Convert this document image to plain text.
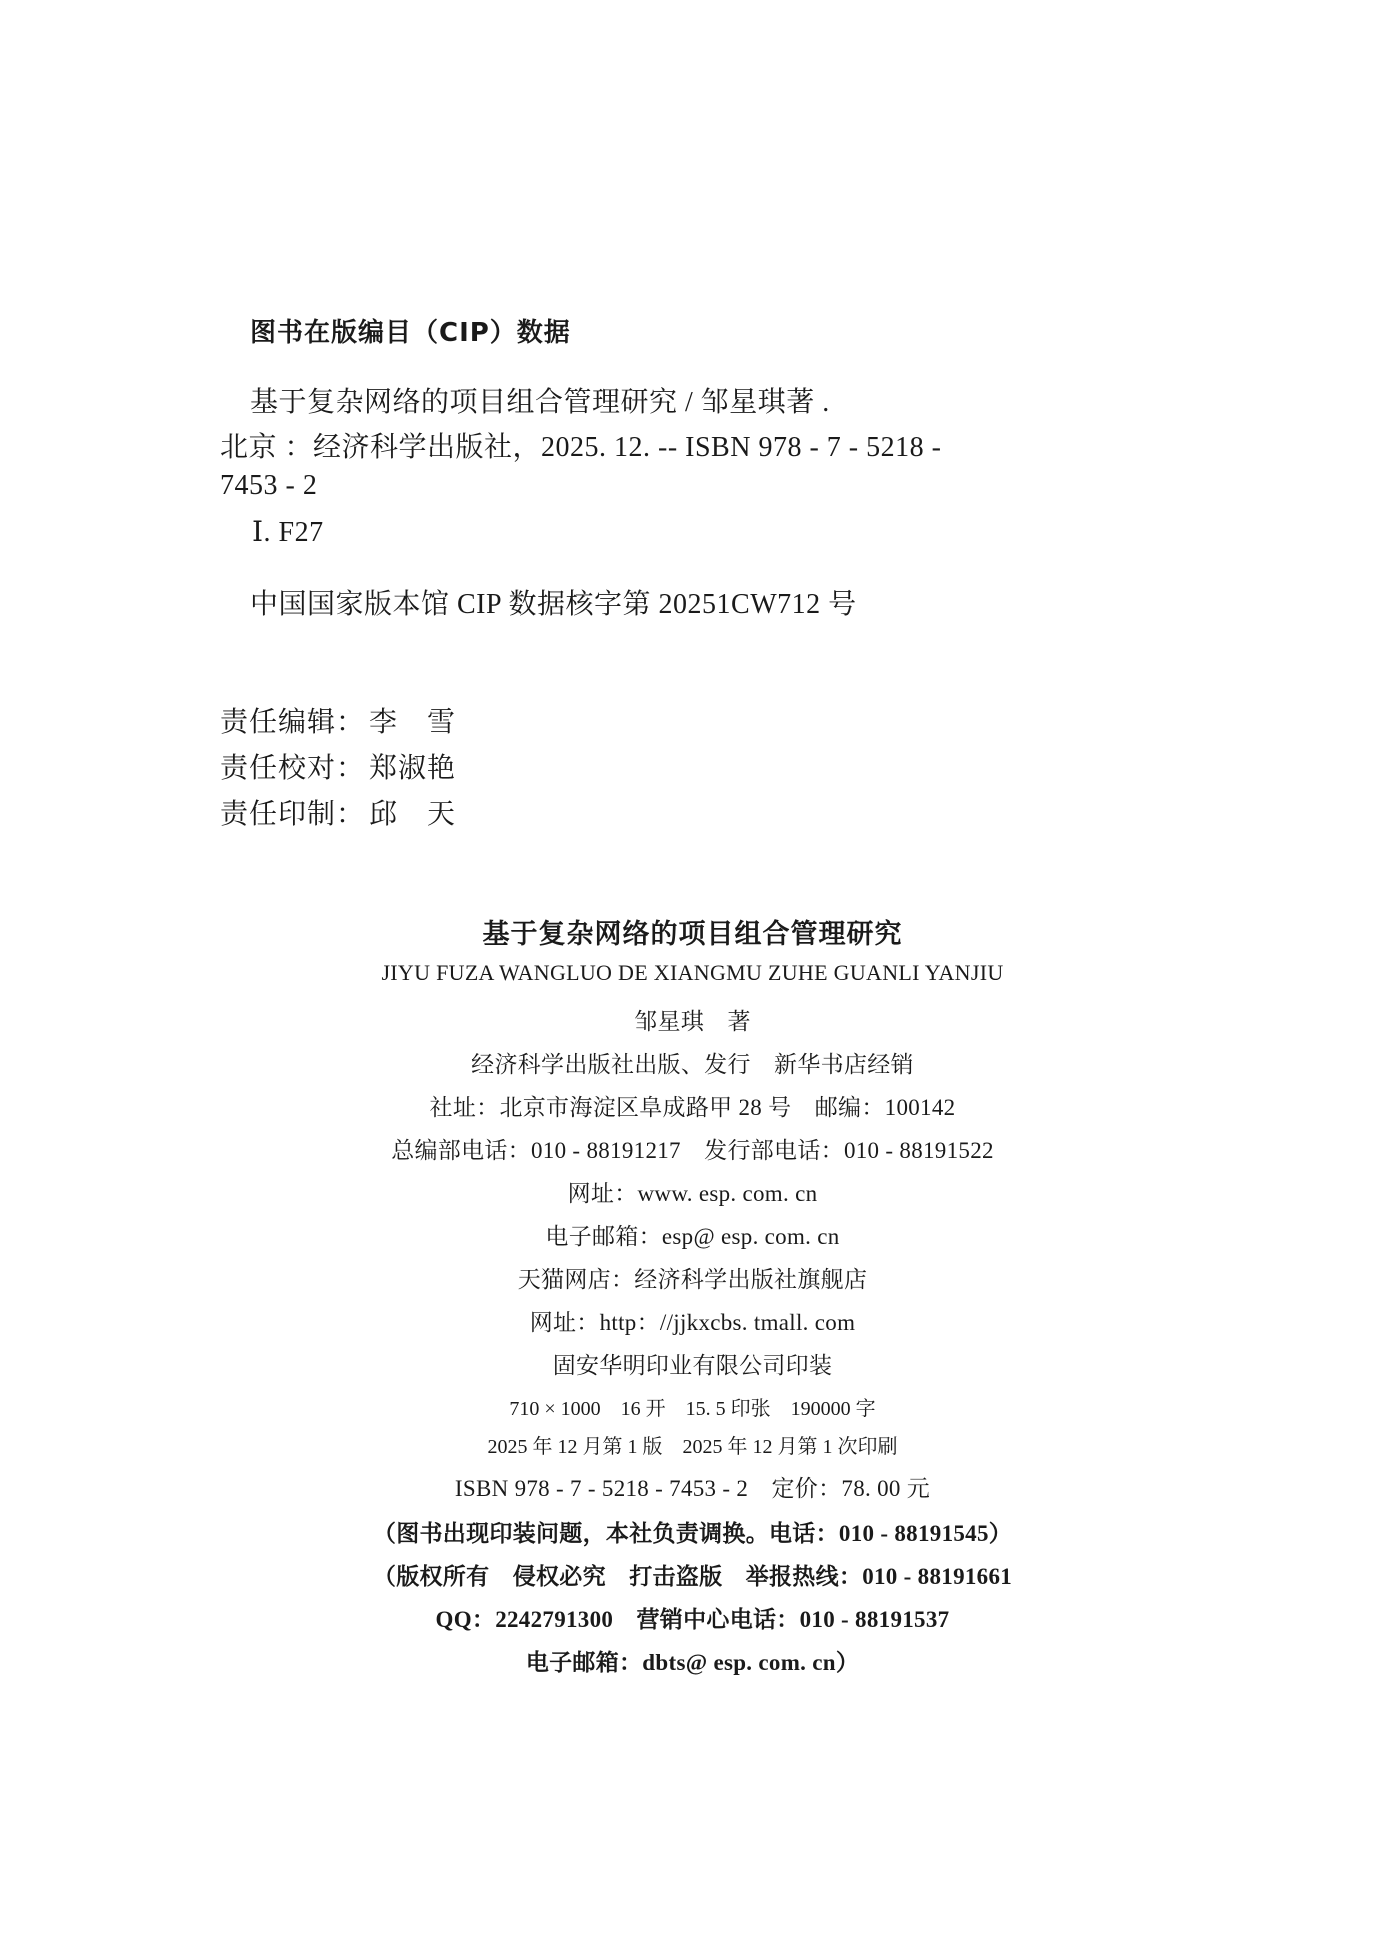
图书在版编目（CIP）数据
基于复杂网络的项目组合管理研究 / 邹星琪著 .
北京 ：经济科学出版社，2025. 12. -- ISBN 978 - 7 - 5218 -
7453 - 2
Ⅰ. F27
中国国家版本馆 CIP 数据核字第 20251CW712 号
责任编辑： 李　雪
责任校对： 郑淑艳
责任印制： 邱　天
基于复杂网络的项目组合管理研究
JIYU FUZA WANGLUO DE XIANGMU ZUHE GUANLI YANJIU
邹星琪　著
经济科学出版社出版、发行　新华书店经销
社址：北京市海淀区阜成路甲 28 号　邮编：100142
总编部电话：010 - 88191217　发行部电话：010 - 88191522
网址：www. esp. com. cn
电子邮箱：esp@ esp. com. cn
天猫网店：经济科学出版社旗舰店
网址：http：//jjkxcbs. tmall. com
固安华明印业有限公司印装
710 × 1000　16 开　15. 5 印张　190000 字
2025 年 12 月第 1 版　2025 年 12 月第 1 次印刷
ISBN 978 - 7 - 5218 - 7453 - 2　定价：78. 00 元
（图书出现印装问题，本社负责调换。电话：010 - 88191545）
（版权所有　侵权必究　打击盗版　举报热线：010 - 88191661
QQ：2242791300　营销中心电话：010 - 88191537
电子邮箱：dbts@ esp. com. cn）
